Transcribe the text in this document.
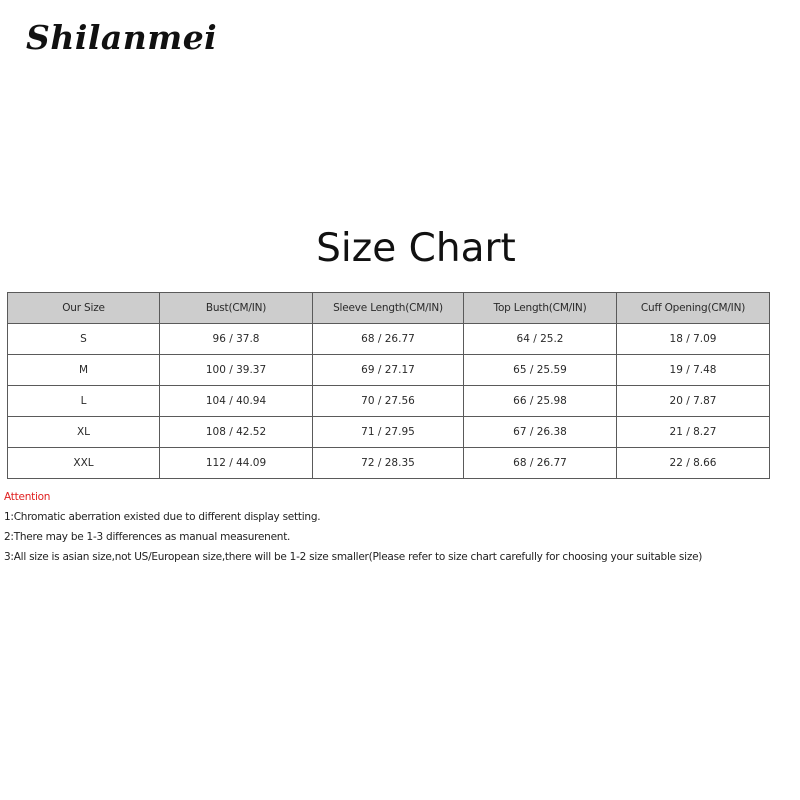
Shilanmei
Size Chart
Our Size	Bust(CM/IN)	Sleeve Length(CM/IN)	Top Length(CM/IN)	Cuff Opening(CM/IN)
S	96 / 37.8	68 / 26.77	64 / 25.2	18 / 7.09
M	100 / 39.37	69 / 27.17	65 / 25.59	19 / 7.48
L	104 / 40.94	70 / 27.56	66 / 25.98	20 / 7.87
XL	108 / 42.52	71 / 27.95	67 / 26.38	21 / 8.27
XXL	112 / 44.09	72 / 28.35	68 / 26.77	22 / 8.66
Attention
1:Chromatic aberration existed due to different display setting.
2:There may be 1-3 differences as manual measurenent.
3:All size is asian size,not US/European size,there will be 1-2 size smaller(Please refer to size chart carefully for choosing your suitable size)
